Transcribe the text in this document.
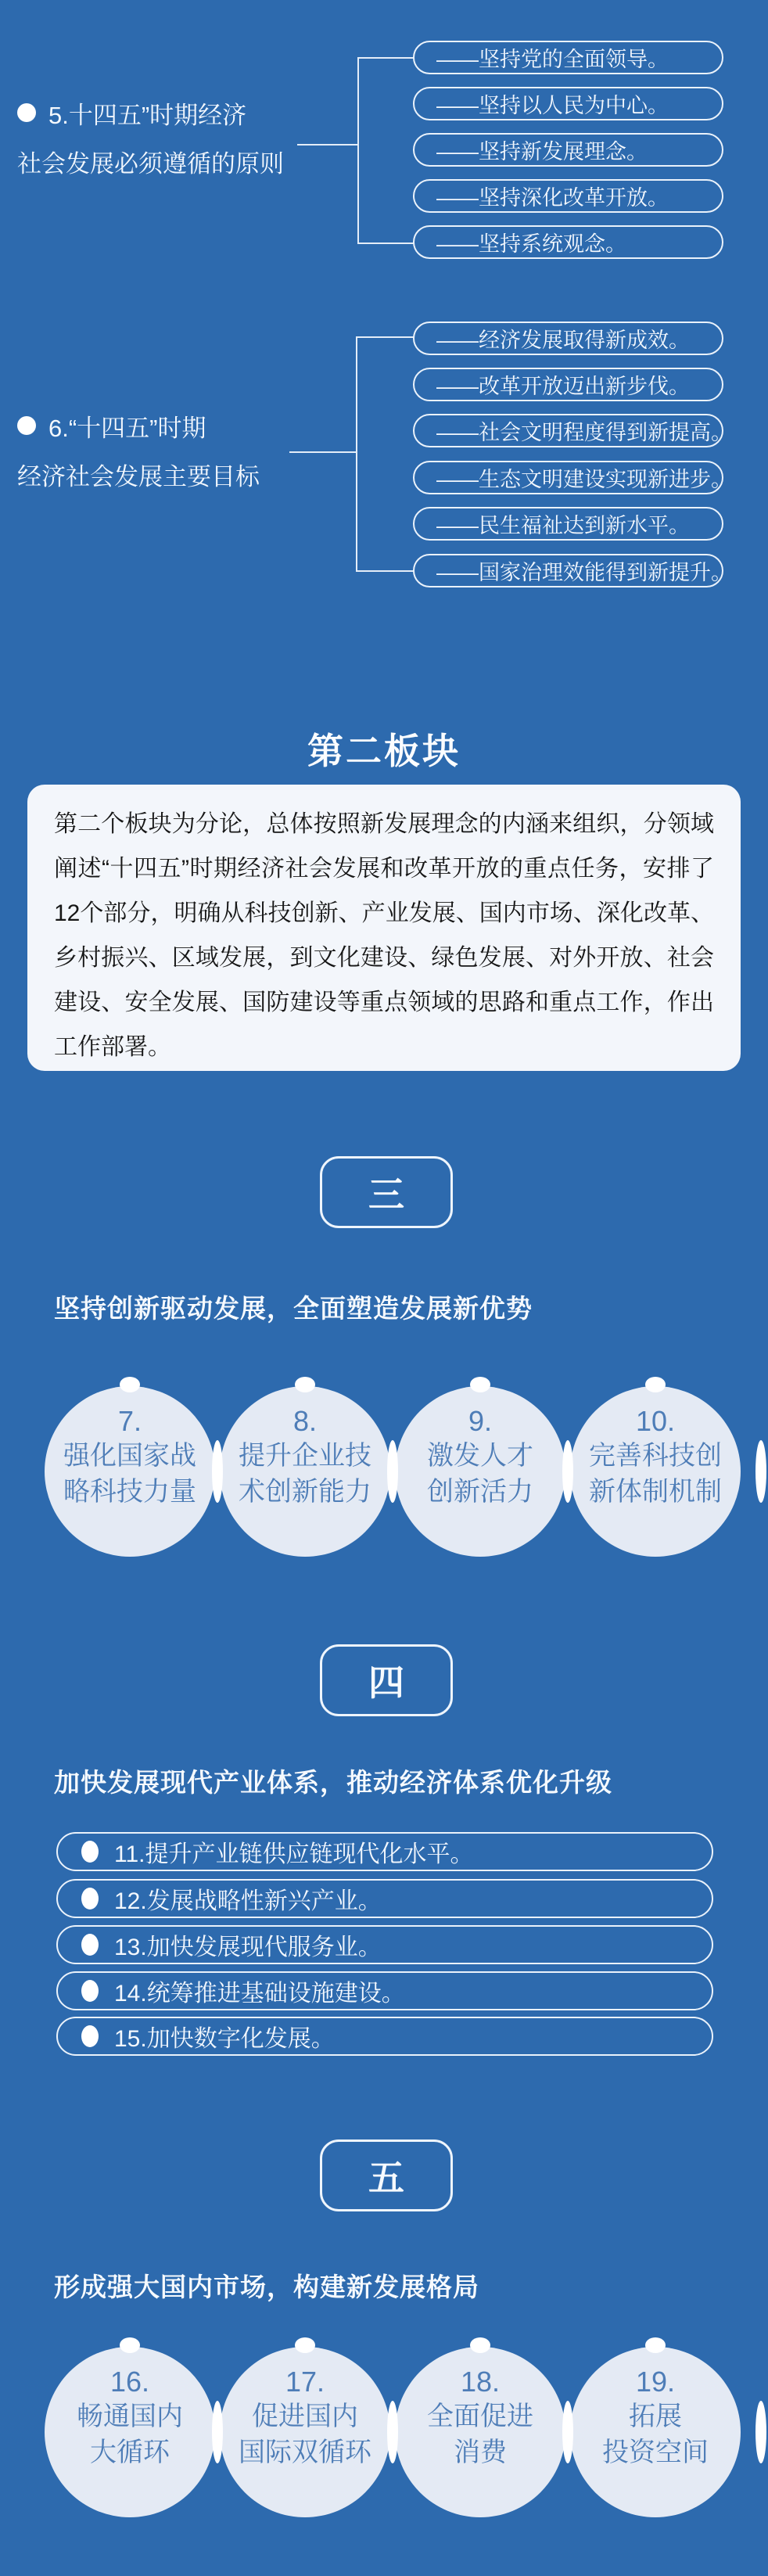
5.十四五”时期经济
社会发展必须遵循的原则
——坚持党的全面领导。
——坚持以人民为中心。
——坚持新发展理念。
——坚持深化改革开放。
——坚持系统观念。
6.“十四五”时期
经济社会发展主要目标
——经济发展取得新成效。
——改革开放迈出新步伐。
——社会文明程度得到新提高。
——生态文明建设实现新进步。
——民生福祉达到新水平。
——国家治理效能得到新提升。
第二板块
第二个板块为分论，总体按照新发展理念的内涵来组织，分领域阐述“十四五”时期经济社会发展和改革开放的重点任务，安排了12个部分，明确从科技创新、产业发展、国内市场、深化改革、乡村振兴、区域发展，到文化建设、绿色发展、对外开放、社会建设、安全发展、国防建设等重点领域的思路和重点工作，作出工作部署。
三
坚持创新驱动发展，全面塑造发展新优势
7.
强化国家战
略科技力量
8.
提升企业技
术创新能力
9.
激发人才
创新活力
10.
完善科技创
新体制机制
四
加快发展现代产业体系，推动经济体系优化升级
11.提升产业链供应链现代化水平。
12.发展战略性新兴产业。
13.加快发展现代服务业。
14.统筹推进基础设施建设。
15.加快数字化发展。
五
形成强大国内市场，构建新发展格局
16.
畅通国内
大循环
17.
促进国内
国际双循环
18.
全面促进
消费
19.
拓展
投资空间
